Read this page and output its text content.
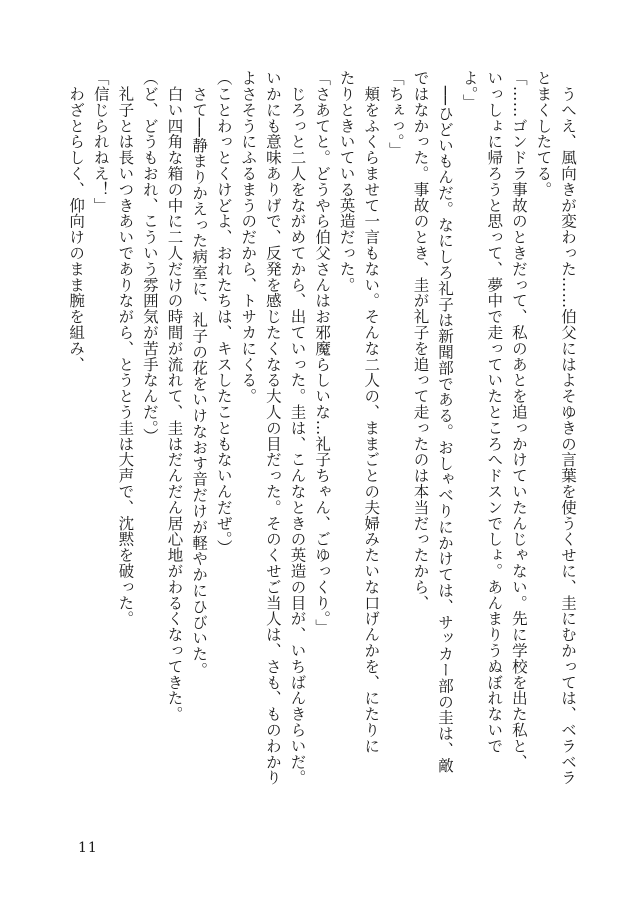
　うへえ、風向きが変わった……伯父にはよそゆきの言葉を使うくせに、圭にむかっては、ベラベラ
とまくしたてる。
「……ゴンドラ事故のときだって、私のあとを追っかけていたんじゃない。先に学校を出た私と、
いっしょに帰ろうと思って、夢中で走っていたところへドスンでしょ。あんまりうぬぼれないで
よ。」
　──ひどいもんだ。なにしろ礼子は新聞部である。おしゃべりにかけては、サッカー部の圭は、敵
ではなかった。事故のとき、圭が礼子を追って走ったのは本当だったから、
「ちぇっ。」
　頬をふくらませて一言もない。そんな二人の、ままごとの夫婦みたいな口げんかを、にたりに
たりときいている英造だった。
「さあてと。どうやら伯父さんはお邪魔らしいな…礼子ちゃん、ごゆっくり。」
　じろっと二人をながめてから、出ていった。圭は、こんなときの英造の目が、いちばんきらいだ。
いかにも意味ありげで、反発を感じたくなる大人の目だった。そのくせご当人は、さも、ものわかり
よさそうにふるまうのだから、トサカにくる。
（ことわっとくけどよ、おれたちは、キスしたこともないんだぜ。）
　さて──静まりかえった病室に、礼子の花をいけなおす音だけが軽やかにひびいた。
　白い四角な箱の中に二人だけの時間が流れて、圭はだんだん居心地がわるくなってきた。
（ど、どうもおれ、こういう雰囲気が苦手なんだ。）
　礼子とは長いつきあいでありながら、とうとう圭は大声で、沈黙を破った。
「信じられねえ！」
　わざとらしく、仰向けのまま腕を組み、
11
